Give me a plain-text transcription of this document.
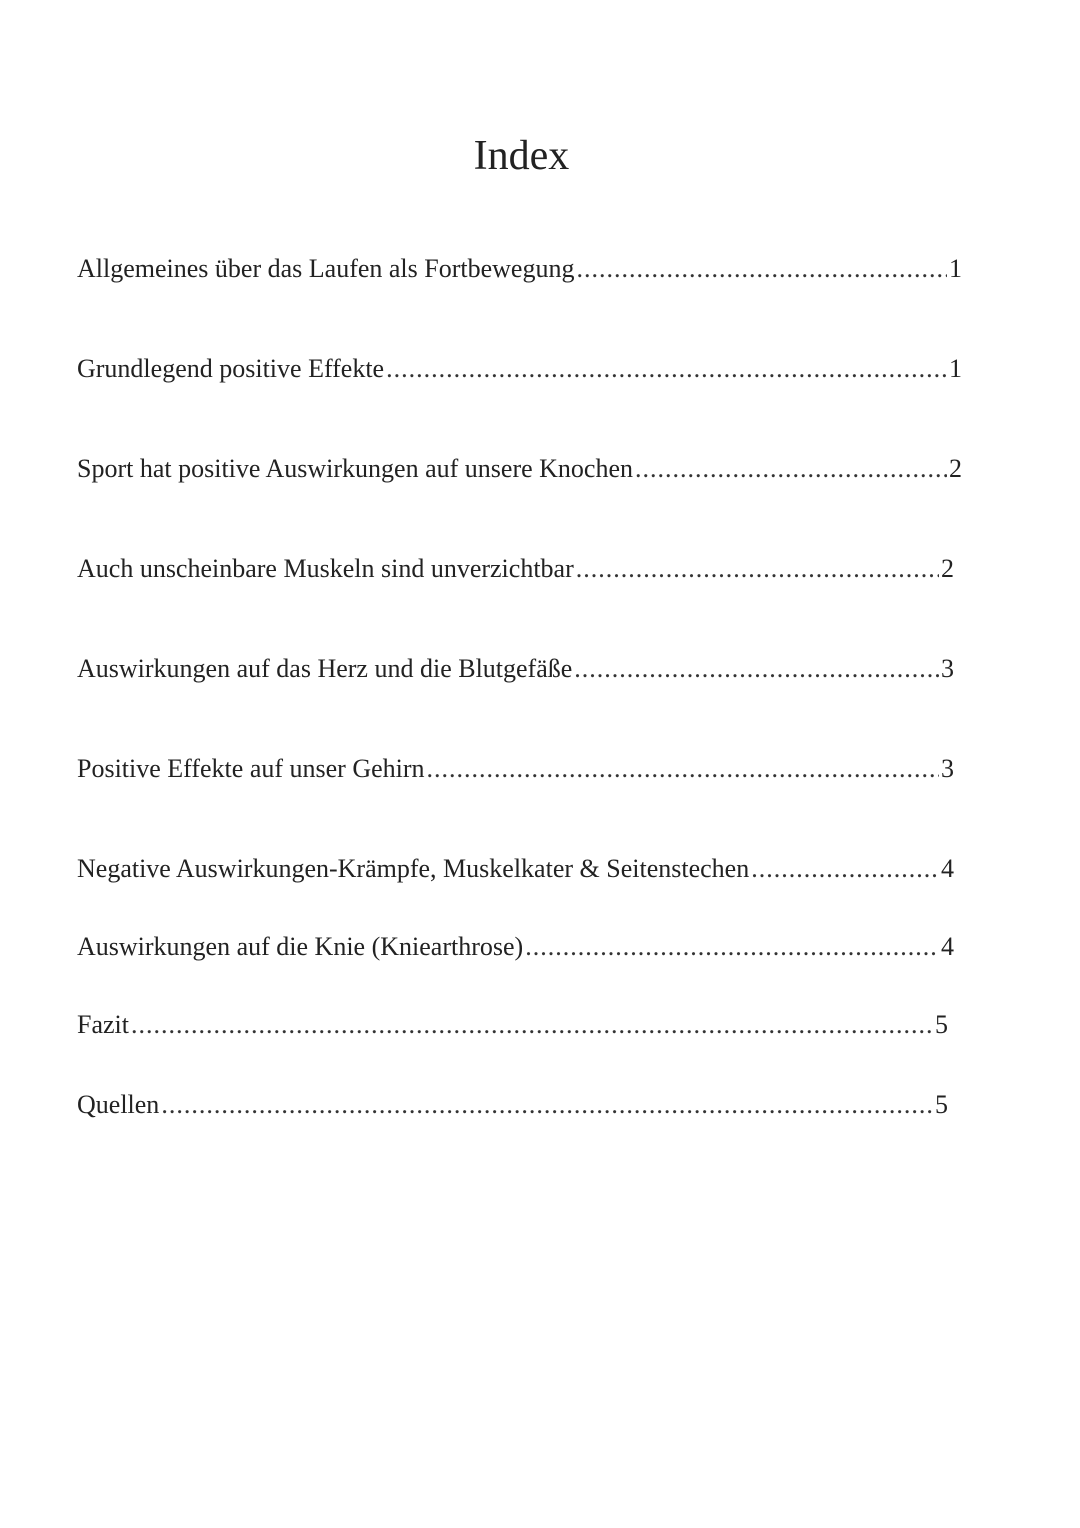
Index
Allgemeines über das Laufen als Fortbewegung .....	1
Grundlegend positive Effekte .....	1
Sport hat positive Auswirkungen auf unsere Knochen .....	2
Auch unscheinbare Muskeln sind unverzichtbar .....	2
Auswirkungen auf das Herz und die Blutgefäße .....	3
Positive Effekte auf unser Gehirn .....	3
Negative Auswirkungen-Krämpfe, Muskelkater & Seitenstechen .....	4
Auswirkungen auf die Knie (Kniearthrose) .....	4
Fazit .....	5
Quellen .....	5
